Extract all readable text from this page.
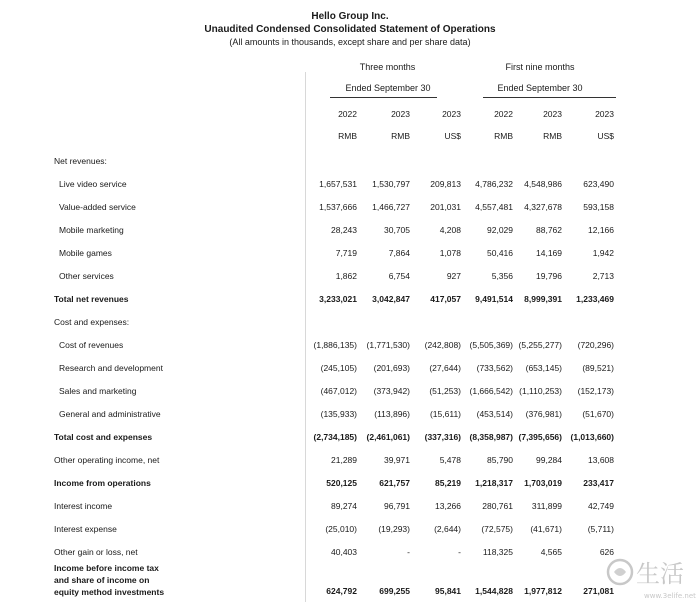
Hello Group Inc.
Unaudited Condensed Consolidated Statement of Operations
(All amounts in thousands, except share and per share data)
Three months	First nine months
Ended September 30	Ended September 30
2022	2023	2023	2022	2023	2023
RMB	RMB	US$	RMB	RMB	US$
Net revenues:
Live video service	1,657,531	1,530,797	209,813	4,786,232	4,548,986	623,490
Value-added service	1,537,666	1,466,727	201,031	4,557,481	4,327,678	593,158
Mobile marketing	28,243	30,705	4,208	92,029	88,762	12,166
Mobile games	7,719	7,864	1,078	50,416	14,169	1,942
Other services	1,862	6,754	927	5,356	19,796	2,713
Total net revenues	3,233,021	3,042,847	417,057	9,491,514	8,999,391	1,233,469
Cost and expenses:
Cost of revenues	(1,886,135)	(1,771,530)	(242,808)	(5,505,369) (5,255,277)	(720,296)
Research and development	(245,105)	(201,693)	(27,644)	(733,562)	(653,145)	(89,521)
Sales and marketing	(467,012)	(373,942)	(51,253)	(1,666,542) (1,110,253)	(152,173)
General and administrative	(135,933)	(113,896)	(15,611)	(453,514)	(376,981)	(51,670)
Total cost and expenses	(2,734,185)	(2,461,061)	(337,316)	(8,358,987) (7,395,656)	(1,013,660)
Other operating income, net	21,289	39,971	5,478	85,790	99,284	13,608
Income from operations	520,125	621,757	85,219	1,218,317	1,703,019	233,417
Interest income	89,274	96,791	13,266	280,761	311,899	42,749
Interest expense	(25,010)	(19,293)	(2,644)	(72,575)	(41,671)	(5,711)
Other gain or loss, net	40,403	-	-	118,325	4,565	626
Income before income tax
and share of income on
equity method investments	624,792	699,255	95,841	1,544,828	1,977,812	271,081
生活
www.3elife.net
